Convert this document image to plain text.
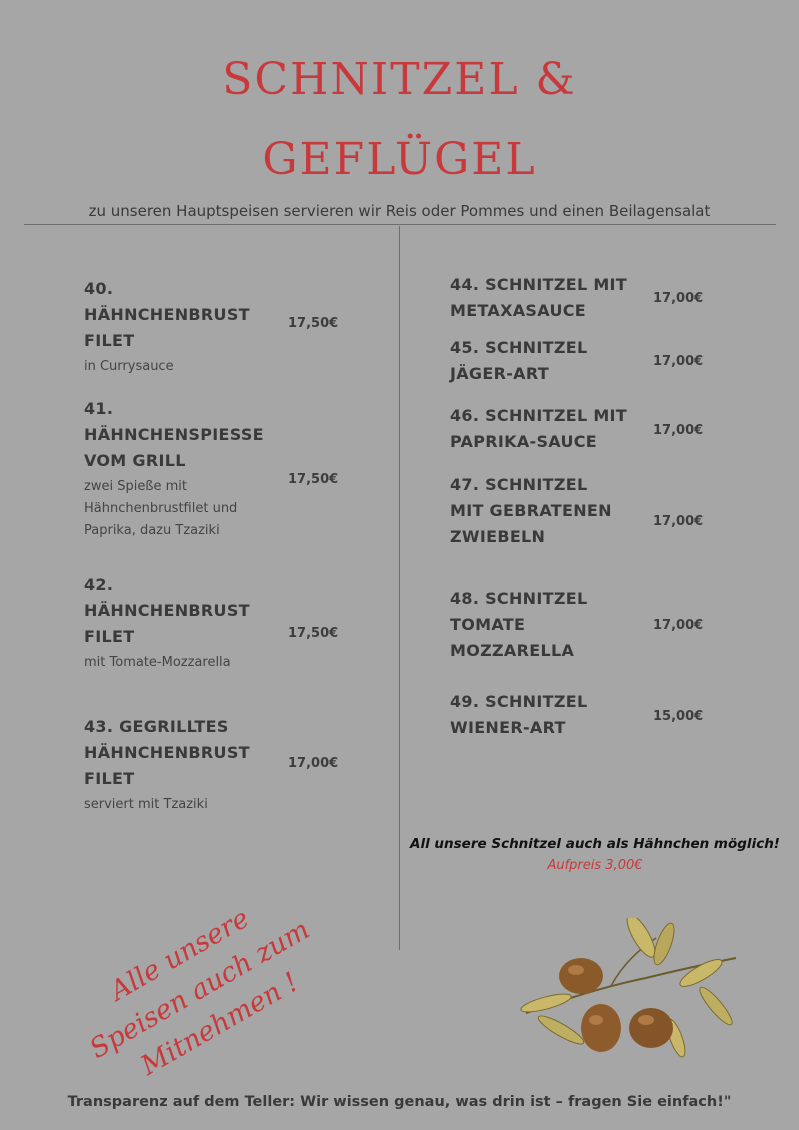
SCHNITZEL &
GEFLÜGEL
zu unseren Hauptspeisen servieren wir Reis oder Pommes und einen Beilagensalat
40.
HÄHNCHENBRUST
FILET
in Currysauce
17,50€
41.
HÄHNCHENSPIESSE
VOM GRILL
zwei Spieße mit
Hähnchenbrustfilet und
Paprika, dazu Tzaziki
17,50€
42.
HÄHNCHENBRUST
FILET
mit Tomate-Mozzarella
17,50€
43. GEGRILLTES
HÄHNCHENBRUST
FILET
serviert mit Tzaziki
17,00€
44. SCHNITZEL MIT
METAXASAUCE
17,00€
45. SCHNITZEL
JÄGER-ART
17,00€
46. SCHNITZEL MIT
PAPRIKA-SAUCE
17,00€
47. SCHNITZEL
MIT GEBRATENEN
ZWIEBELN
17,00€
48. SCHNITZEL
TOMATE
MOZZARELLA
17,00€
49. SCHNITZEL
WIENER-ART
15,00€
All unsere Schnitzel auch als Hähnchen möglich!
Aufpreis 3,00€
Alle unsere
Speisen auch zum
Mitnehmen !
Transparenz auf dem Teller: Wir wissen genau, was drin ist – fragen Sie einfach!"
